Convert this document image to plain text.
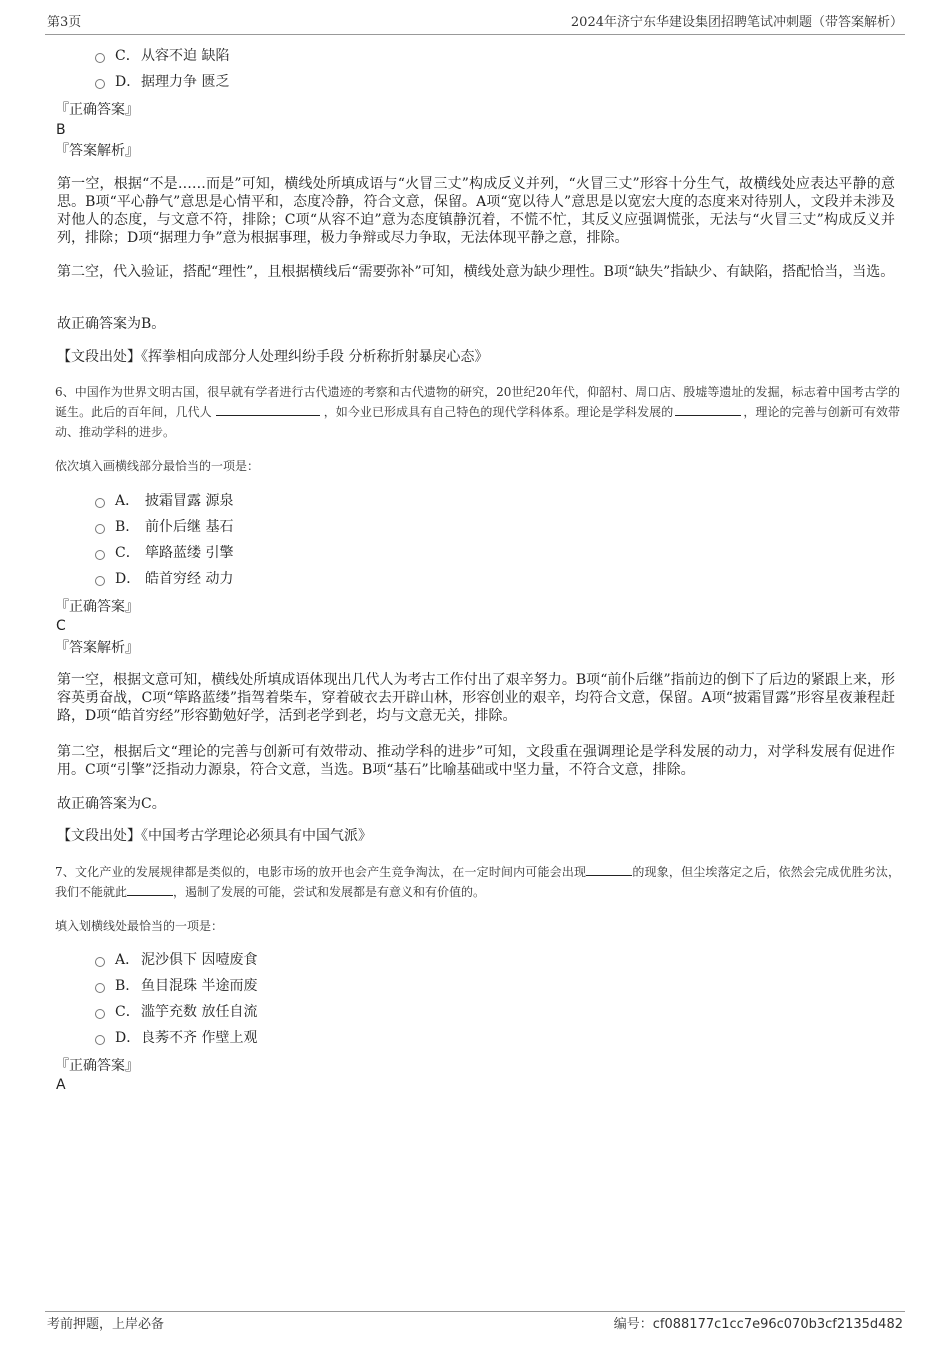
第3页	2024年济宁东华建设集团招聘笔试冲刺题（带答案解析）
C．从容不迫 缺陷
D．据理力争 匮乏
『正确答案』
B
『答案解析』
第一空，根据“不是……而是”可知，横线处所填成语与“火冒三丈”构成反义并列，“火冒三丈”形容十分生气，故横线处应表达平静的意思。B项“平心静气”意思是心情平和，态度冷静，符合文意，保留。A项“宽以待人”意思是以宽宏大度的态度来对待别人，文段并未涉及对他人的态度，与文意不符，排除；C项“从容不迫”意为态度镇静沉着，不慌不忙，其反义应强调慌张，无法与“火冒三丈”构成反义并列，排除；D项“据理力争”意为根据事理，极力争辩或尽力争取，无法体现平静之意，排除。
第二空，代入验证，搭配“理性”，且根据横线后“需要弥补”可知，横线处意为缺少理性。B项“缺失”指缺少、有缺陷，搭配恰当，当选。
故正确答案为B。
【文段出处】《挥拳相向成部分人处理纠纷手段 分析称折射暴戾心态》
6、中国作为世界文明古国，很早就有学者进行古代遗迹的考察和古代遗物的研究，20世纪20年代，仰韶村、周口店、殷墟等遗址的发掘，标志着中国考古学的诞生。此后的百年间，几代人	，如今业已形成具有自己特色的现代学科体系。理论是学科发展的	，理论的完善与创新可有效带动、推动学科的进步。
依次填入画横线部分最恰当的一项是：
A． 披霜冒露 源泉
B. 前仆后继 基石
C． 筚路蓝缕 引擎
D． 皓首穷经 动力
『正确答案』
C
『答案解析』
第一空，根据文意可知，横线处所填成语体现出几代人为考古工作付出了艰辛努力。B项“前仆后继”指前边的倒下了后边的紧跟上来，形容英勇奋战，C项“筚路蓝缕”指驾着柴车，穿着破衣去开辟山林，形容创业的艰辛，均符合文意，保留。A项“披霜冒露”形容星夜兼程赶路，D项“皓首穷经”形容勤勉好学，活到老学到老，均与文意无关，排除。
第二空，根据后文“理论的完善与创新可有效带动、推动学科的进步”可知，文段重在强调理论是学科发展的动力，对学科发展有促进作用。C项“引擎”泛指动力源泉，符合文意，当选。B项“基石”比喻基础或中坚力量，不符合文意，排除。
故正确答案为C。
【文段出处】《中国考古学理论必须具有中国气派》
7、文化产业的发展规律都是类似的，电影市场的放开也会产生竞争淘汰，在一定时间内可能会出现	的现象，但尘埃落定之后，依然会完成优胜劣汰，我们不能就此	，遏制了发展的可能，尝试和发展都是有意义和有价值的。
填入划横线处最恰当的一项是：
A． 泥沙俱下 因噎废食
B. 鱼目混珠 半途而废
C．滥竽充数 放任自流
D．良莠不齐 作壁上观
『正确答案』
A
考前押题，上岸必备	编号：cf088177c1cc7e96c070b3cf2135d482
